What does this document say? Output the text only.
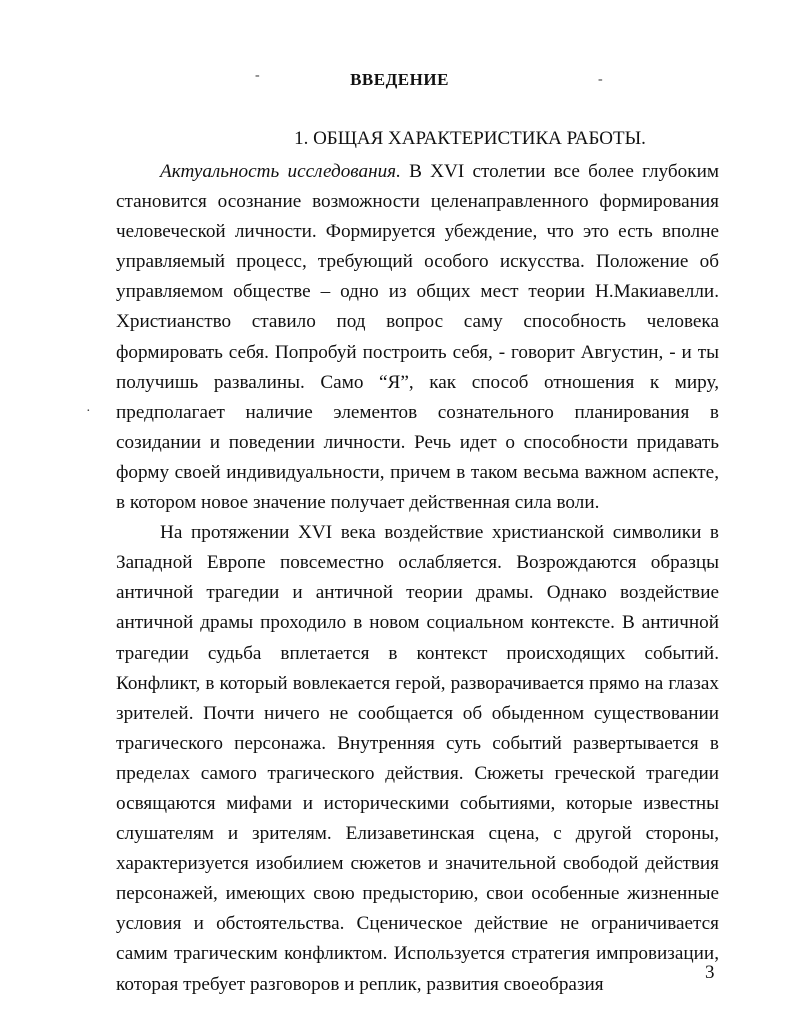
-	ВВЕДЕНИЕ	-
1. ОБЩАЯ ХАРАКТЕРИСТИКА РАБОТЫ.

Актуальность исследования. В XVI столетии все более глубоким становится осознание возможности целенаправленного формирования человеческой личности. Формируется убеждение, что это есть вполне управляемый процесс, требующий особого искусства. Положение об управляемом обществе – одно из общих мест теории Н.Макиавелли. Христианство ставило под вопрос саму способность человека формировать себя. Попробуй построить себя, - говорит Августин, - и ты получишь развалины. Само “Я”, как способ отношения к миру, предполагает наличие элементов сознательного планирования в созидании и поведении личности. Речь идет о способности придавать форму своей индивидуальности, причем в таком весьма важном аспекте, в котором новое значение получает действенная сила воли.

На протяжении XVI века воздействие христианской символики в Западной Европе повсеместно ослабляется. Возрождаются образцы античной трагедии и античной теории драмы. Однако воздействие античной драмы проходило в новом социальном контексте. В античной трагедии судьба вплетается в контекст происходящих событий. Конфликт, в который вовлекается герой, разворачивается прямо на глазах зрителей. Почти ничего не сообщается об обыденном существовании трагического персонажа. Внутренняя суть событий развертывается в пределах самого трагического действия. Сюжеты греческой трагедии освящаются мифами и историческими событиями, которые известны слушателям и зрителям. Елизаветинская сцена, с другой стороны, характеризуется изобилием сюжетов и значительной свободой действия персонажей, имеющих свою предысторию, свои особенные жизненные условия и обстоятельства. Сценическое действие не ограничивается самим трагическим конфликтом. Используется стратегия импровизации, которая требует разговоров и реплик, развития своеобразия

·
3
